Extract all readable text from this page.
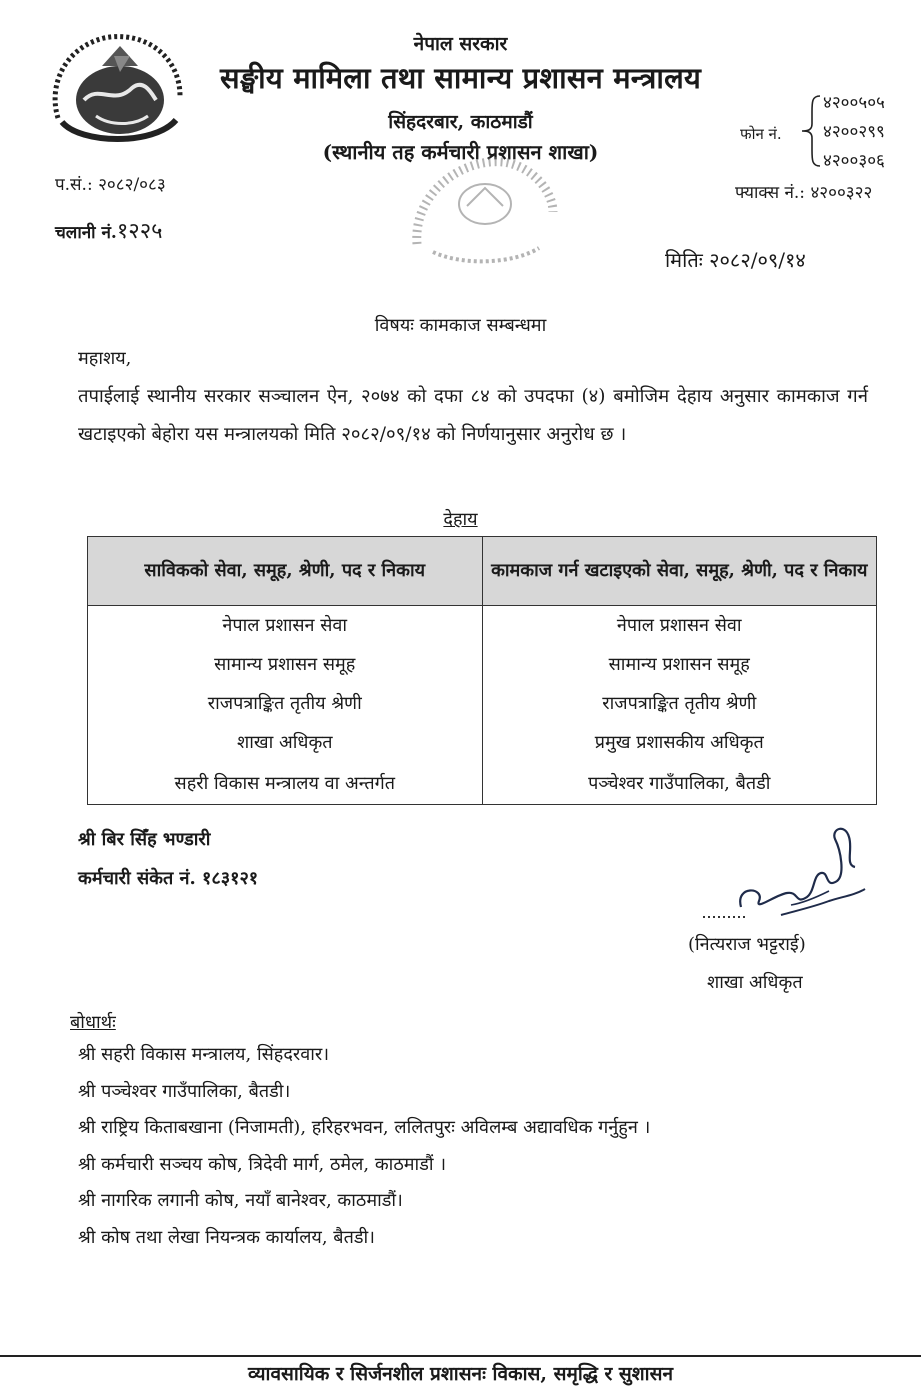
नेपाल सरकार
सङ्घीय मामिला तथा सामान्य प्रशासन मन्त्रालय
सिंहदरबार, काठमाडौं
(स्थानीय तह कर्मचारी प्रशासन शाखा)
फोन नं.
४२००५०५
४२००२९९
४२००३०६
फ्याक्स नं.: ४२००३२२
प.सं.: २०८२/०८३
चलानी नं.१२२५
मितिः २०८२/०९/१४
विषयः कामकाज सम्बन्धमा
महाशय,
तपाईलाई स्थानीय सरकार सञ्चालन ऐन, २०७४ को दफा ८४ को उपदफा (४) बमोजिम देहाय अनुसार कामकाज गर्न खटाइएको बेहोरा यस मन्त्रालयको मिति २०८२/०९/१४ को निर्णयानुसार अनुरोध छ ।
देहाय
साविकको सेवा, समूह, श्रेणी, पद र निकाय	कामकाज गर्न खटाइएको सेवा, समूह, श्रेणी, पद र निकाय
नेपाल प्रशासन सेवा	नेपाल प्रशासन सेवा
सामान्य प्रशासन समूह	सामान्य प्रशासन समूह
राजपत्राङ्कित तृतीय श्रेणी	राजपत्राङ्कित तृतीय श्रेणी
शाखा अधिकृत	प्रमुख प्रशासकीय अधिकृत
सहरी विकास मन्त्रालय वा अन्तर्गत	पञ्चेश्वर गाउँपालिका, बैतडी
श्री बिर सिँह भण्डारी
कर्मचारी संकेत नं. १८३१२१
(नित्यराज भट्टराई)
शाखा अधिकृत
बोधार्थः
श्री सहरी विकास मन्त्रालय, सिंहदरवार।
श्री पञ्चेश्वर गाउँपालिका, बैतडी।
श्री राष्ट्रिय किताबखाना (निजामती), हरिहरभवन, ललितपुरः अविलम्ब अद्यावधिक गर्नुहुन ।
श्री कर्मचारी सञ्चय कोष, त्रिदेवी मार्ग, ठमेल, काठमाडौं ।
श्री नागरिक लगानी कोष, नयाँ बानेश्वर, काठमाडौं।
श्री कोष तथा लेखा नियन्त्रक कार्यालय, बैतडी।
व्यावसायिक र सिर्जनशील प्रशासनः विकास, समृद्धि र सुशासन
